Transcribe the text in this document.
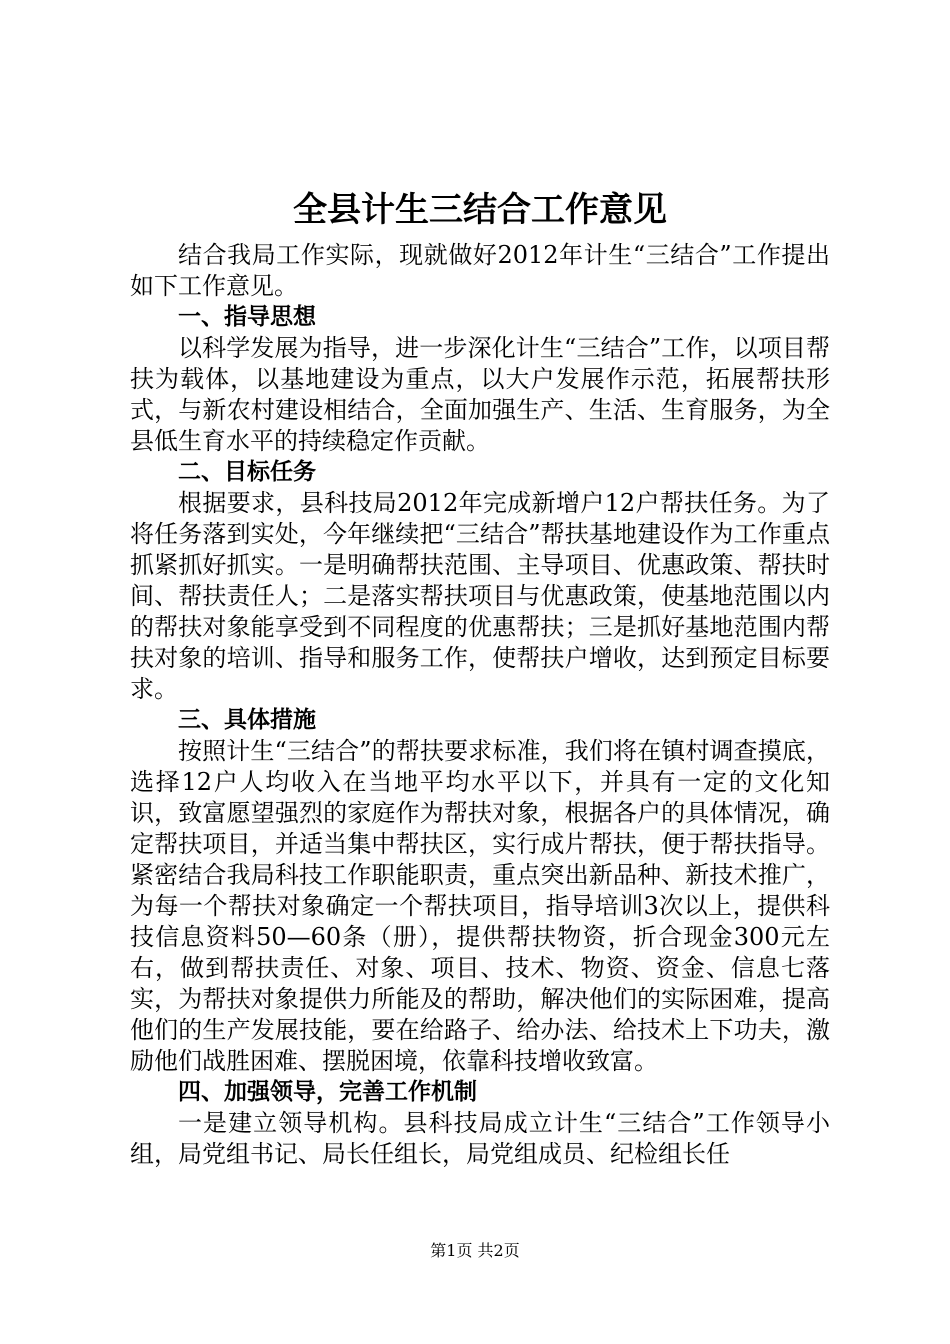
全县计生三结合工作意见

结合我局工作实际，现就做好2012年计生“三结合”工作提出如下工作意见。

一、指导思想

以科学发展为指导，进一步深化计生“三结合”工作，以项目帮扶为载体，以基地建设为重点，以大户发展作示范，拓展帮扶形式，与新农村建设相结合，全面加强生产、生活、生育服务，为全县低生育水平的持续稳定作贡献。

二、目标任务

根据要求，县科技局2012年完成新增户12户帮扶任务。为了将任务落到实处，今年继续把“三结合”帮扶基地建设作为工作重点抓紧抓好抓实。一是明确帮扶范围、主导项目、优惠政策、帮扶时间、帮扶责任人；二是落实帮扶项目与优惠政策，使基地范围以内的帮扶对象能享受到不同程度的优惠帮扶；三是抓好基地范围内帮扶对象的培训、指导和服务工作，使帮扶户增收，达到预定目标要求。

三、具体措施

按照计生“三结合”的帮扶要求标准，我们将在镇村调查摸底，选择12户人均收入在当地平均水平以下，并具有一定的文化知识，致富愿望强烈的家庭作为帮扶对象，根据各户的具体情况，确定帮扶项目，并适当集中帮扶区，实行成片帮扶，便于帮扶指导。紧密结合我局科技工作职能职责，重点突出新品种、新技术推广，为每一个帮扶对象确定一个帮扶项目，指导培训3次以上，提供科技信息资料50—60条（册），提供帮扶物资，折合现金300元左右，做到帮扶责任、对象、项目、技术、物资、资金、信息七落实，为帮扶对象提供力所能及的帮助，解决他们的实际困难，提高他们的生产发展技能，要在给路子、给办法、给技术上下功夫，激励他们战胜困难、摆脱困境，依靠科技增收致富。

四、加强领导，完善工作机制

一是建立领导机构。县科技局成立计生“三结合”工作领导小组，局党组书记、局长任组长，局党组成员、纪检组长任

第1页 共2页
